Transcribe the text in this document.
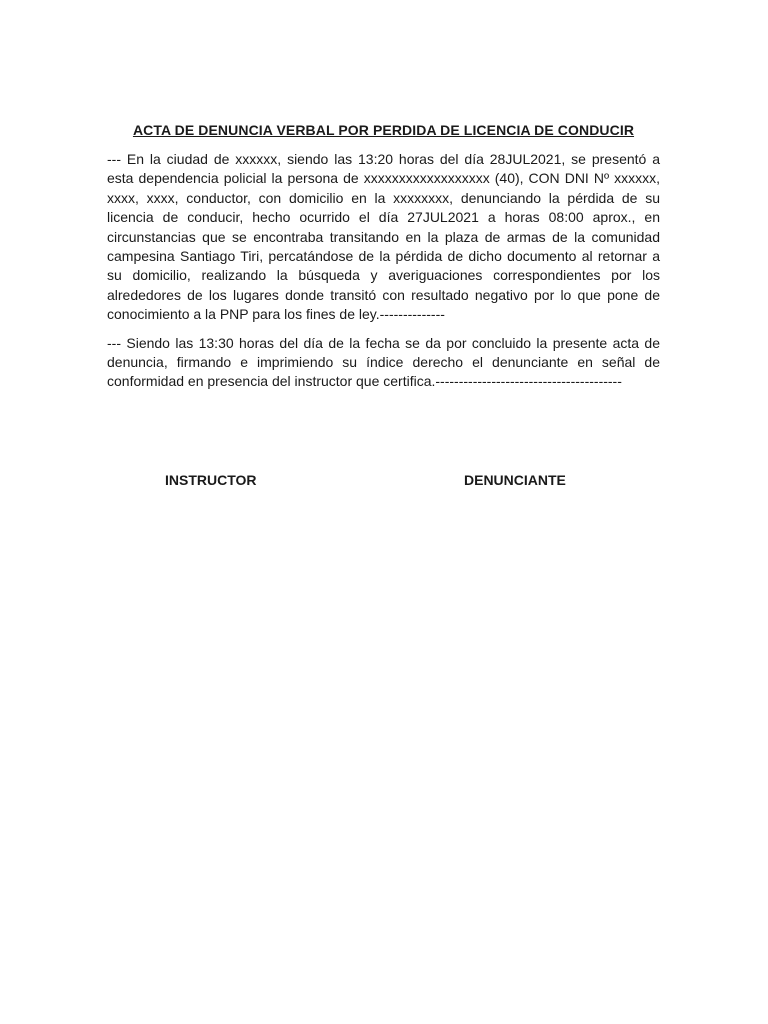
ACTA DE DENUNCIA VERBAL POR PERDIDA DE LICENCIA DE CONDUCIR

--- En la ciudad de xxxxxx, siendo las 13:20 horas del día 28JUL2021, se presentó a esta dependencia policial la persona de xxxxxxxxxxxxxxxxxx (40), CON DNI Nº xxxxxx, xxxx, xxxx, conductor, con domicilio en la xxxxxxxx, denunciando la pérdida de su licencia de conducir, hecho ocurrido el día 27JUL2021 a horas 08:00 aprox., en circunstancias que se encontraba transitando en la plaza de armas de la comunidad campesina Santiago Tiri, percatándose de la pérdida de dicho documento al retornar a su domicilio, realizando la búsqueda y averiguaciones correspondientes por los alrededores de los lugares donde transitó con resultado negativo por lo que pone de conocimiento a la PNP para los fines de ley.--------------

--- Siendo las 13:30 horas del día de la fecha se da por concluido la presente acta de denuncia, firmando e imprimiendo su índice derecho el denunciante en señal de conformidad en presencia del instructor que certifica.----------------------------------------

INSTRUCTOR	DENUNCIANTE
